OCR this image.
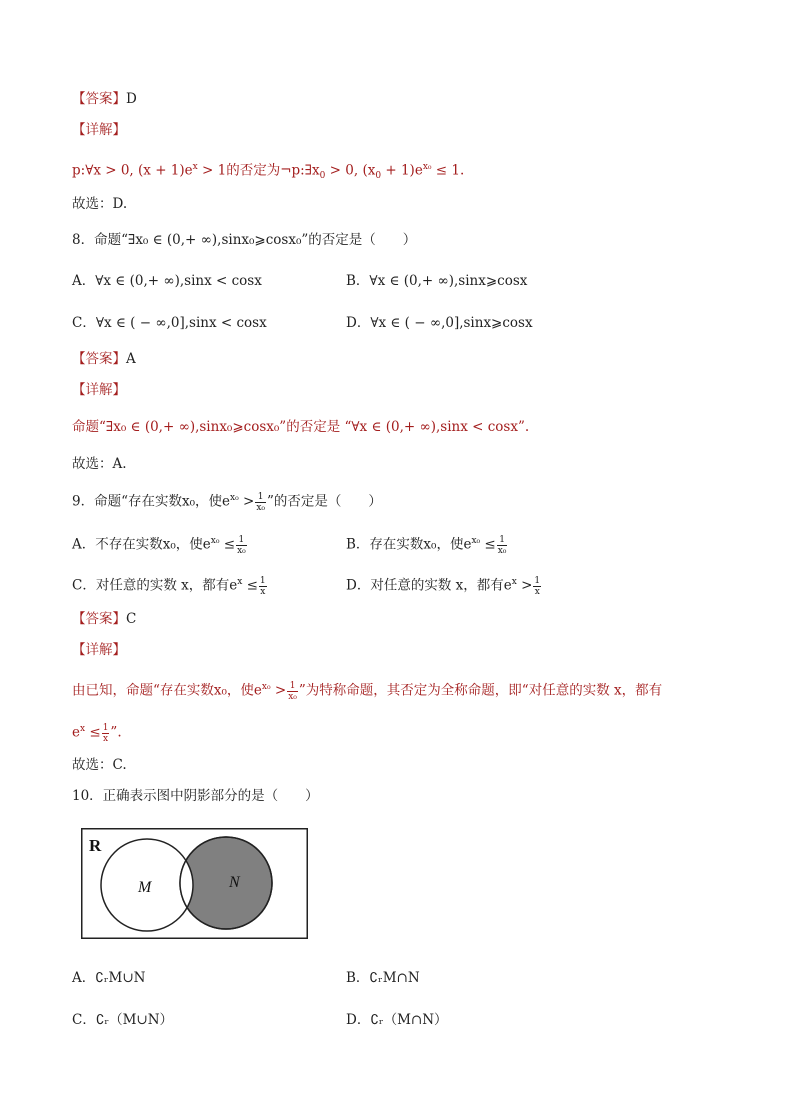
【答案】D
【详解】
p:∀x > 0, $(x + 1)e^x > 1$的否定为$\neg p:\exists x_0 > 0$, $(x_0 + 1)e^{x_0} \le 1$.
故选：D.
8．命题“∃x₀ ∈ (0,+ ∞),sinx₀⩾cosx₀”的否定是（　　）
A．∀x ∈ (0,+ ∞),sinx < cosx	B．∀x ∈ (0,+ ∞),sinx⩾cosx
C．∀x ∈ ( − ∞,0],sinx < cosx	D．∀x ∈ ( − ∞,0],sinx⩾cosx
【答案】A
【详解】
命题“∃x₀ ∈ (0,+ ∞),sinx₀⩾cosx₀”的否定是 “∀x ∈ (0,+ ∞),sinx < cosx”.
故选：A.
9．命题“存在实数x₀，使$e^{x_0} > \frac{1}{\text{x₀}}$ ”的否定是（　　）
A．不存在实数x₀，使$e^{x_0} \le \frac{1}{\text{x₀}}$	B．存在实数x₀，使$e^{x_0} \le \frac{1}{\text{x₀}}$
C．对任意的实数 x，都有$e^x \le \frac{1}{x}$	D．对任意的实数 x，都有$e^x > \frac{1}{x}$
【答案】C
【详解】
由已知，命题“存在实数x₀，使$e^{x_0} > \frac{1}{\text{x₀}}$ ”为特称命题，其否定为全称命题，即“对任意的实数 x，都有
$e^x \le \frac{1}{x}$ ”.
故选：C.
10．正确表示图中阴影部分的是（　　）
R
M	N
A．∁ᵣM∪N	B．∁ᵣM∩N
C．∁ᵣ（M∪N）	D．∁ᵣ（M∩N）
